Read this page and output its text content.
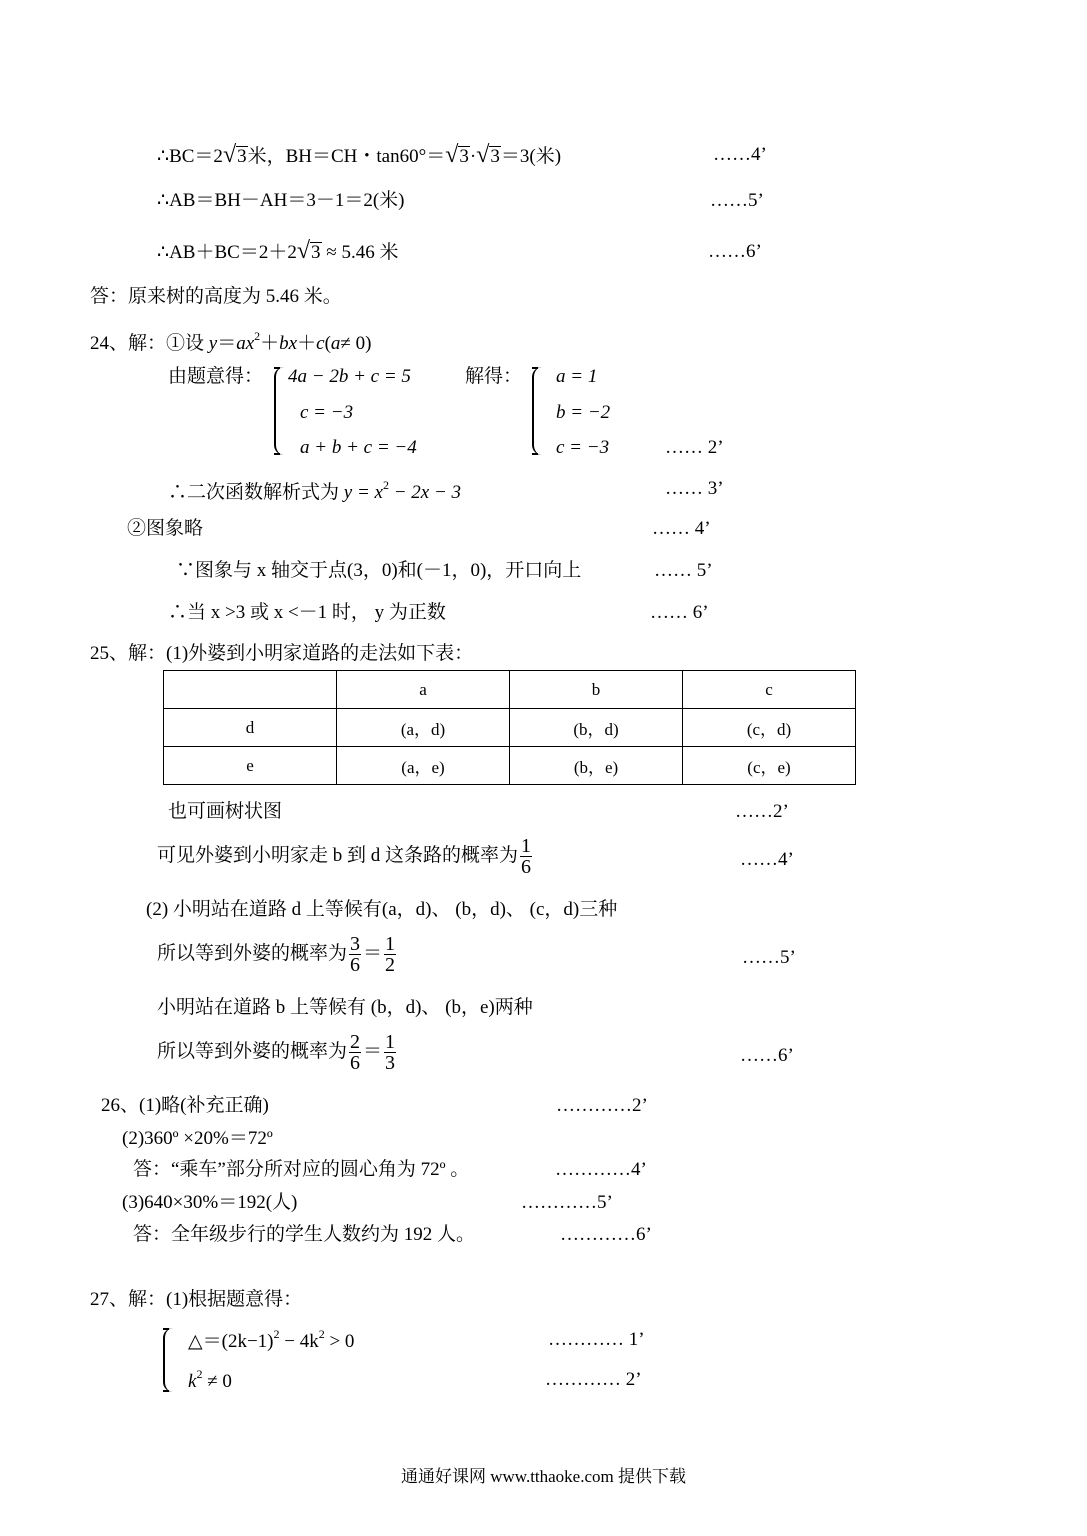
∴BC＝2√3米，BH＝CH・tan60°＝√3·√3＝3(米)	……4’
∴AB＝BH－AH＝3－1＝2(米)	……5’
∴AB＋BC＝2＋2√3 ≈ 5.46 米	……6’
答：原来树的高度为 5.46 米。
24、解：①设 $y=ax^2+bx+c(a\ne 0)$
由题意得： 4a − 2b + c = 5
c = −3
a + b + c = −4
解得： a = 1
b = −2
c = −3	…… 2’
∴二次函数解析式为 $y = x^2 - 2x - 3$	…… 3’
②图象略	…… 4’
∵图象与 x 轴交于点(3，0)和(－1，0)，开口向上	…… 5’
∴当 x >3 或 x <－1 时， y 为正数	…… 6’
25、解：(1)外婆到小明家道路的走法如下表：
	a	b	c
d	(a，d)	(b，d)	(c，d)
e	(a，e)	(b，e)	(c，e)
也可画树状图	……2’
可见外婆到小明家走 b 到 d 这条路的概率为 $\frac{1}{6}$	……4’
(2) 小明站在道路 d 上等候有(a，d)、 (b，d)、 (c，d)三种
所以等到外婆的概率为 $\frac{3}{6} = \frac{1}{2}$	……5’
小明站在道路 b 上等候有 (b，d)、 (b，e)两种
所以等到外婆的概率为 $\frac{2}{6} = \frac{1}{3}$	……6’
26、(1)略(补充正确)	…………2’
(2)360º ×20%＝72º
答：“乘车”部分所对应的圆心角为 72º 。	…………4’
(3)640×30%＝192(人)	…………5’
答：全年级步行的学生人数约为 192 人。	…………6’
27、解：(1)根据题意得：
$\triangle=(2k-1)^2 - 4k^2 > 0$	………… 1’
$k^2 \ne 0$	………… 2’
通通好课网 www.tthaoke.com 提供下载
